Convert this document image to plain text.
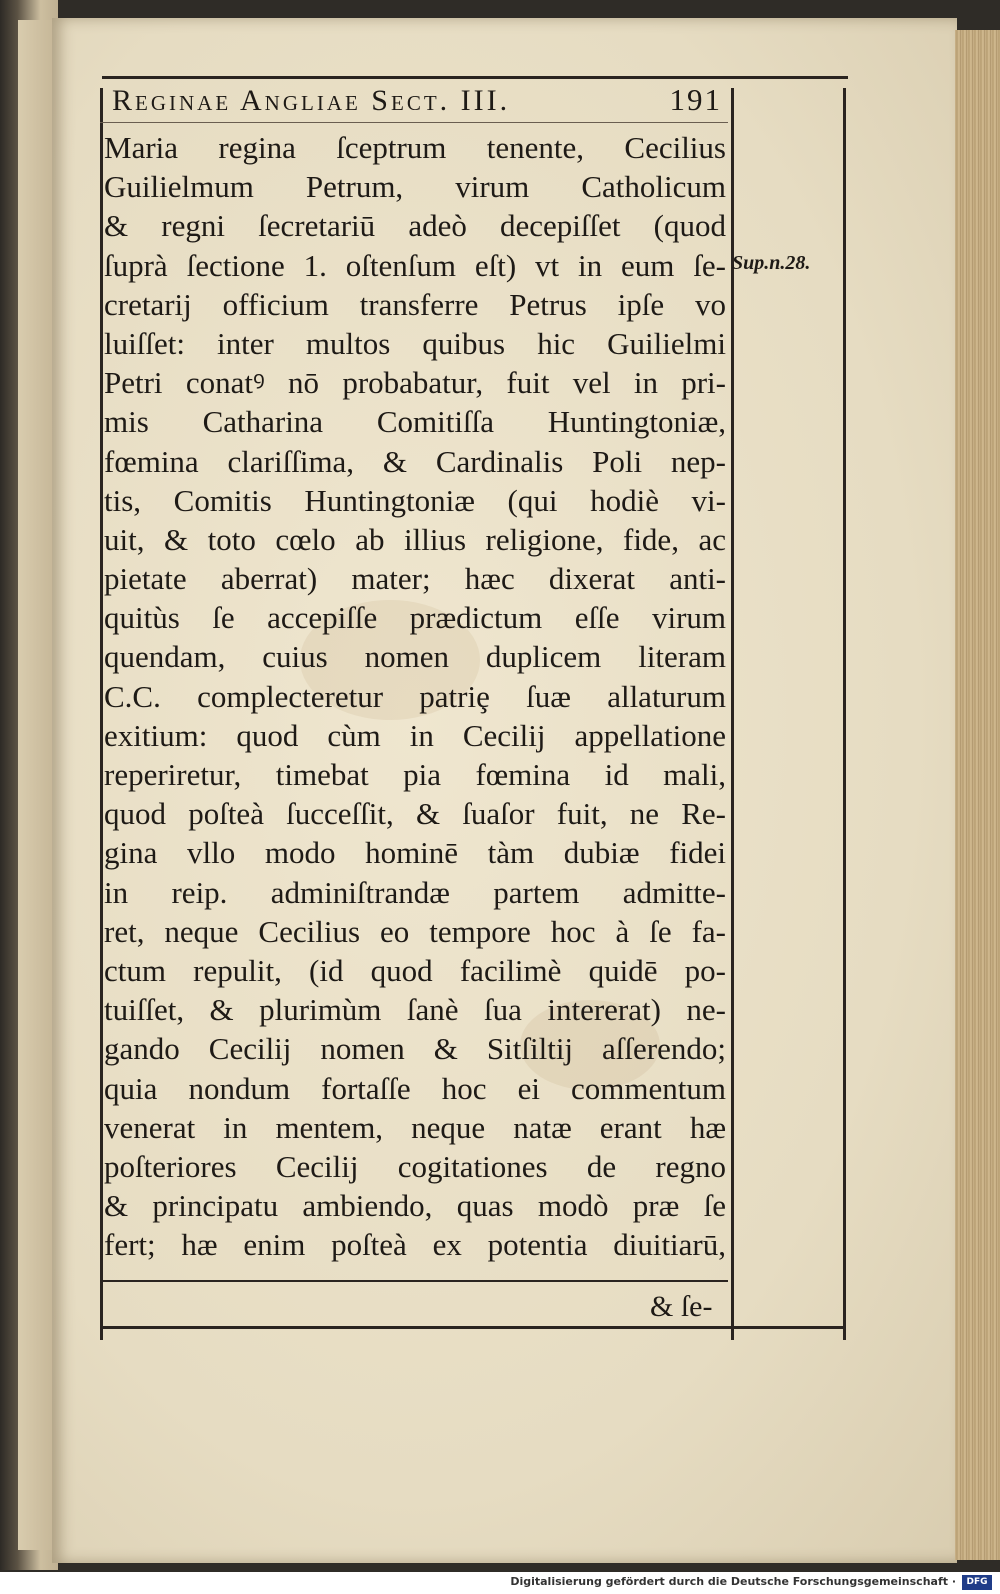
Reginae Angliae Sect. III.	191
Sup.n.28.
Maria regina ſceptrum tenente, Cecilius
Guilielmum Petrum, virum Catholicum
& regni ſecretariū adeò decepiſſet (quod
ſuprà ſectione 1. oſtenſum eſt) vt in eum ſe-
cretarij officium transferre Petrus ipſe vo
luiſſet: inter multos quibus hic Guilielmi
Petri conatꝰ nō probabatur, fuit vel in pri-
mis Catharina Comitiſſa Huntingtoniæ,
fœmina clariſſima, & Cardinalis Poli nep-
tis, Comitis Huntingtoniæ (qui hodiè vi-
uit, & toto cœlo ab illius religione, fide, ac
pietate aberrat) mater; hæc dixerat anti-
quitùs ſe accepiſſe prædictum eſſe virum
quendam, cuius nomen duplicem literam
C.C. complecteretur patriȩ ſuæ allaturum
exitium: quod cùm in Cecilij appellatione
reperiretur, timebat pia fœmina id mali,
quod poſteà ſucceſſit, & ſuaſor fuit, ne Re-
gina vllo modo hominē tàm dubiæ fidei
in reip. adminiſtrandæ partem admitte-
ret, neque Cecilius eo tempore hoc à ſe fa-
ctum repulit, (id quod facilimè quidē po-
tuiſſet, & plurimùm ſanè ſua intererat) ne-
gando Cecilij nomen & Sitſiltij aſſerendo;
quia nondum fortaſſe hoc ei commentum
venerat in mentem, neque natæ erant hæ
poſteriores Cecilij cogitationes de regno
& principatu ambiendo, quas modò præ ſe
fert; hæ enim poſteà ex potentia diuitiarū,
& ſe-
Digitalisierung gefördert durch die Deutsche Forschungsgemeinschaft ·	DFG
